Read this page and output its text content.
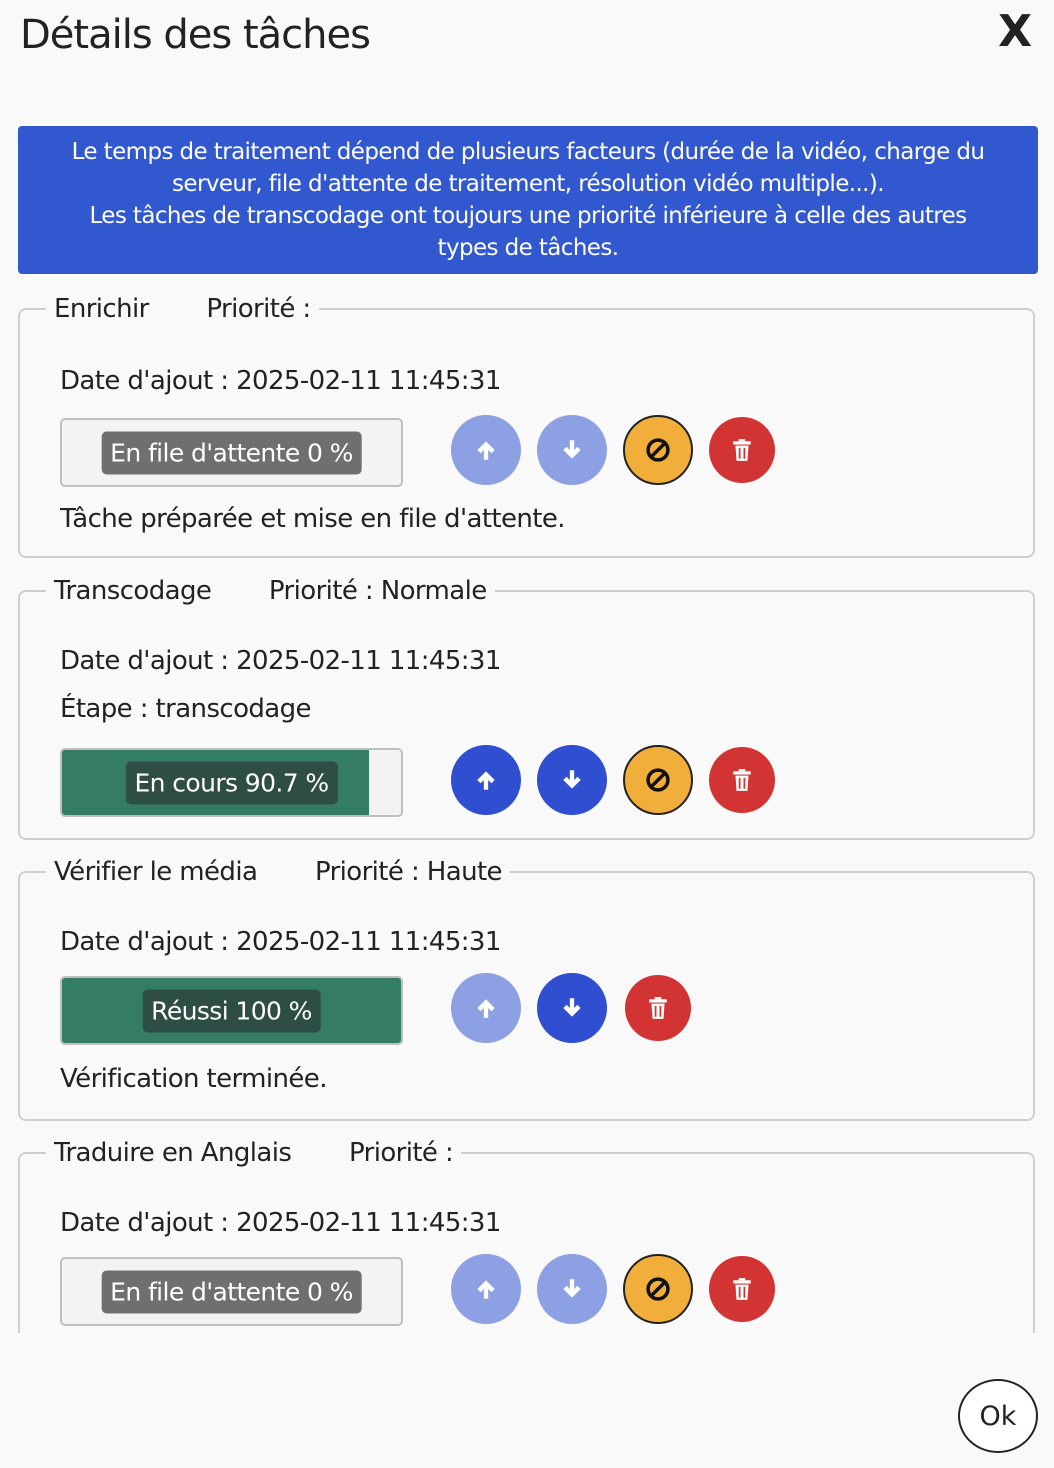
Détails des tâches	X
Le temps de traitement dépend de plusieurs facteurs (durée de la vidéo, charge du
serveur, file d'attente de traitement, résolution vidéo multiple...).
Les tâches de transcodage ont toujours une priorité inférieure à celle des autres
types de tâches.
Enrichir Priorité :
Date d'ajout : 2025-02-11 11:45:31
En file d'attente 0 %
Tâche préparée et mise en file d'attente.
Transcodage Priorité : Normale
Date d'ajout : 2025-02-11 11:45:31
Étape : transcodage
En cours 90.7 %
Vérifier le média Priorité : Haute
Date d'ajout : 2025-02-11 11:45:31
Réussi 100 %
Vérification terminée.
Traduire en Anglais Priorité :
Date d'ajout : 2025-02-11 11:45:31
En file d'attente 0 %
Ok
